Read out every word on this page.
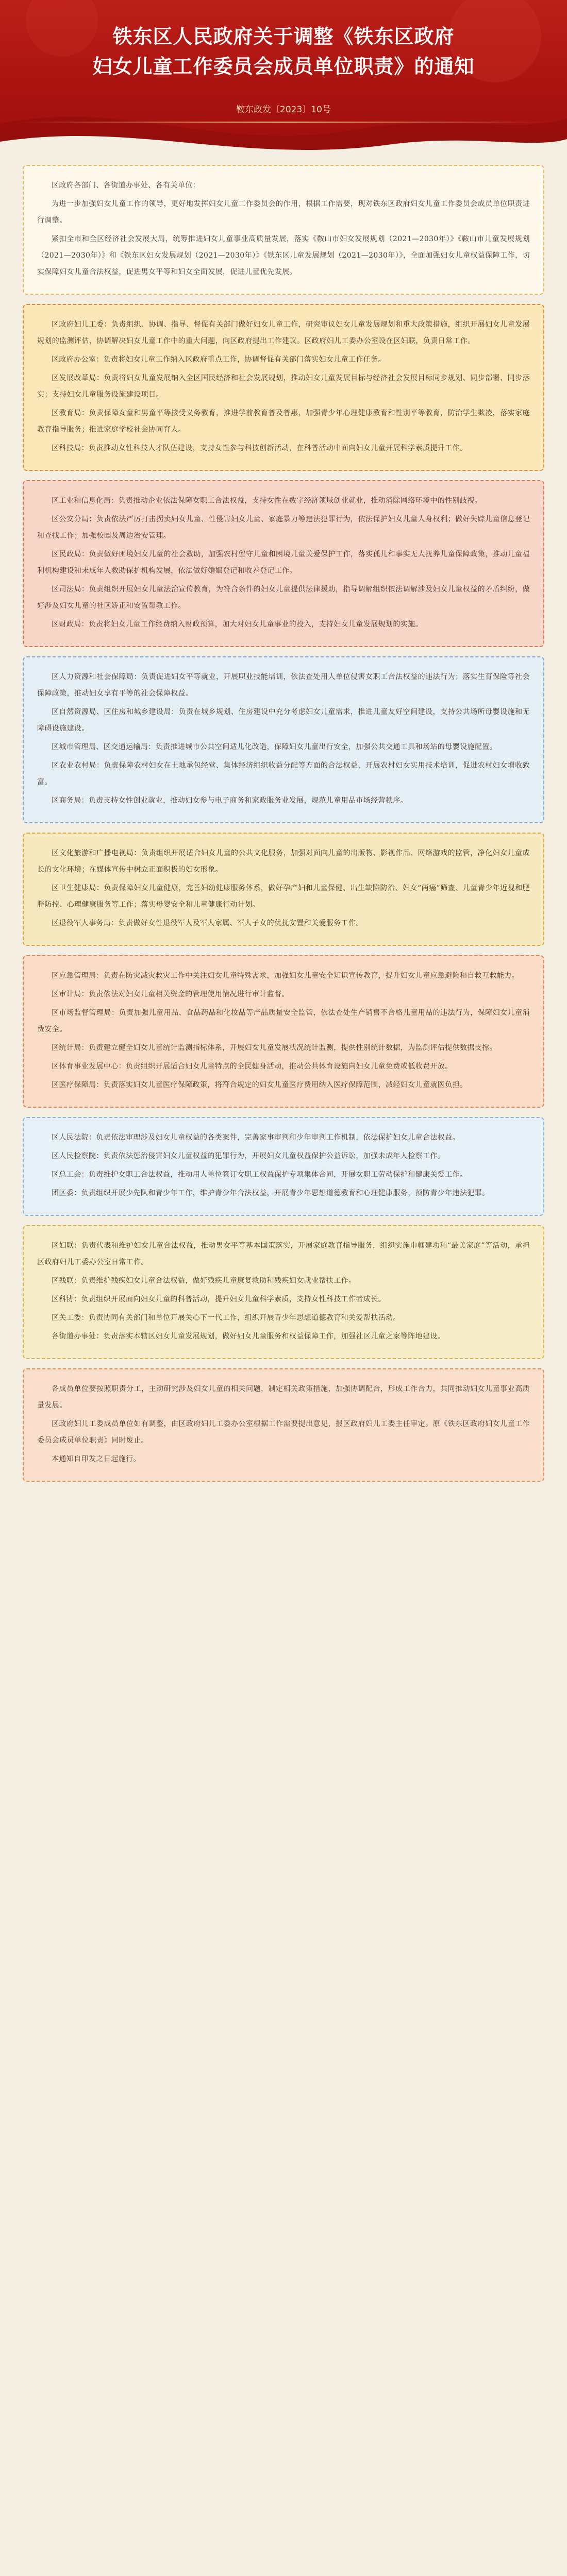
铁东区人民政府关于调整《铁东区政府
妇女儿童工作委员会成员单位职责》的通知
鞍东政发〔2023〕10号

区政府各部门、各街道办事处、各有关单位：

为进一步加强妇女儿童工作的领导，更好地发挥妇女儿童工作委员会的作用，根据工作需要，现对铁东区政府妇女儿童工作委员会成员单位职责进行调整。

紧扣全市和全区经济社会发展大局，统筹推进妇女儿童事业高质量发展，落实《鞍山市妇女发展规划（2021—2030年）》《鞍山市儿童发展规划（2021—2030年）》和《铁东区妇女发展规划（2021—2030年）》《铁东区儿童发展规划（2021—2030年）》，全面加强妇女儿童权益保障工作，切实保障妇女儿童合法权益，促进男女平等和妇女全面发展，促进儿童优先发展。

区政府妇儿工委：负责组织、协调、指导、督促有关部门做好妇女儿童工作，研究审议妇女儿童发展规划和重大政策措施，组织开展妇女儿童发展规划的监测评估，协调解决妇女儿童工作中的重大问题，向区政府提出工作建议。区政府妇儿工委办公室设在区妇联，负责日常工作。

区政府办公室：负责将妇女儿童工作纳入区政府重点工作，协调督促有关部门落实妇女儿童工作任务。

区发展改革局：负责将妇女儿童发展纳入全区国民经济和社会发展规划，推动妇女儿童发展目标与经济社会发展目标同步规划、同步部署、同步落实；支持妇女儿童服务设施建设项目。

区教育局：负责保障女童和男童平等接受义务教育，推进学前教育普及普惠，加强青少年心理健康教育和性别平等教育，防治学生欺凌，落实家庭教育指导服务；推进家庭学校社会协同育人。

区科技局：负责推动女性科技人才队伍建设，支持女性参与科技创新活动，在科普活动中面向妇女儿童开展科学素质提升工作。

区工业和信息化局：负责推动企业依法保障女职工合法权益，支持女性在数字经济领域创业就业，推动消除网络环境中的性别歧视。

区公安分局：负责依法严厉打击拐卖妇女儿童、性侵害妇女儿童、家庭暴力等违法犯罪行为，依法保护妇女儿童人身权利；做好失踪儿童信息登记和查找工作；加强校园及周边治安管理。

区民政局：负责做好困境妇女儿童的社会救助，加强农村留守儿童和困境儿童关爱保护工作，落实孤儿和事实无人抚养儿童保障政策，推动儿童福利机构建设和未成年人救助保护机构发展，依法做好婚姻登记和收养登记工作。

区司法局：负责组织开展妇女儿童法治宣传教育，为符合条件的妇女儿童提供法律援助，指导调解组织依法调解涉及妇女儿童权益的矛盾纠纷，做好涉及妇女儿童的社区矫正和安置帮教工作。

区财政局：负责将妇女儿童工作经费纳入财政预算，加大对妇女儿童事业的投入，支持妇女儿童发展规划的实施。

区人力资源和社会保障局：负责促进妇女平等就业，开展职业技能培训，依法查处用人单位侵害女职工合法权益的违法行为；落实生育保险等社会保障政策，推动妇女享有平等的社会保障权益。

区自然资源局、区住房和城乡建设局：负责在城乡规划、住房建设中充分考虑妇女儿童需求，推进儿童友好空间建设，支持公共场所母婴设施和无障碍设施建设。

区城市管理局、区交通运输局：负责推进城市公共空间适儿化改造，保障妇女儿童出行安全，加强公共交通工具和场站的母婴设施配置。

区农业农村局：负责保障农村妇女在土地承包经营、集体经济组织收益分配等方面的合法权益，开展农村妇女实用技术培训，促进农村妇女增收致富。

区商务局：负责支持女性创业就业，推动妇女参与电子商务和家政服务业发展，规范儿童用品市场经营秩序。

区文化旅游和广播电视局：负责组织开展适合妇女儿童的公共文化服务，加强对面向儿童的出版物、影视作品、网络游戏的监管，净化妇女儿童成长的文化环境；在媒体宣传中树立正面积极的妇女形象。

区卫生健康局：负责保障妇女儿童健康，完善妇幼健康服务体系，做好孕产妇和儿童保健、出生缺陷防治、妇女“两癌”筛查、儿童青少年近视和肥胖防控、心理健康服务等工作；落实母婴安全和儿童健康行动计划。

区退役军人事务局：负责做好女性退役军人及军人家属、军人子女的优抚安置和关爱服务工作。

区应急管理局：负责在防灾减灾救灾工作中关注妇女儿童特殊需求，加强妇女儿童安全知识宣传教育，提升妇女儿童应急避险和自救互救能力。

区审计局：负责依法对妇女儿童相关资金的管理使用情况进行审计监督。

区市场监督管理局：负责加强儿童用品、食品药品和化妆品等产品质量安全监管，依法查处生产销售不合格儿童用品的违法行为，保障妇女儿童消费安全。

区统计局：负责建立健全妇女儿童统计监测指标体系，开展妇女儿童发展状况统计监测，提供性别统计数据，为监测评估提供数据支撑。

区体育事业发展中心：负责组织开展适合妇女儿童特点的全民健身活动，推动公共体育设施向妇女儿童免费或低收费开放。

区医疗保障局：负责落实妇女儿童医疗保障政策，将符合规定的妇女儿童医疗费用纳入医疗保障范围，减轻妇女儿童就医负担。

区人民法院：负责依法审理涉及妇女儿童权益的各类案件，完善家事审判和少年审判工作机制，依法保护妇女儿童合法权益。

区人民检察院：负责依法惩治侵害妇女儿童权益的犯罪行为，开展妇女儿童权益保护公益诉讼，加强未成年人检察工作。

区总工会：负责维护女职工合法权益，推动用人单位签订女职工权益保护专项集体合同，开展女职工劳动保护和健康关爱工作。

团区委：负责组织开展少先队和青少年工作，维护青少年合法权益，开展青少年思想道德教育和心理健康服务，预防青少年违法犯罪。

区妇联：负责代表和维护妇女儿童合法权益，推动男女平等基本国策落实，开展家庭教育指导服务，组织实施巾帼建功和“最美家庭”等活动，承担区政府妇儿工委办公室日常工作。

区残联：负责维护残疾妇女儿童合法权益，做好残疾儿童康复救助和残疾妇女就业帮扶工作。

区科协：负责组织开展面向妇女儿童的科普活动，提升妇女儿童科学素质，支持女性科技工作者成长。

区关工委：负责协同有关部门和单位开展关心下一代工作，组织开展青少年思想道德教育和关爱帮扶活动。

各街道办事处：负责落实本辖区妇女儿童发展规划，做好妇女儿童服务和权益保障工作，加强社区儿童之家等阵地建设。

各成员单位要按照职责分工，主动研究涉及妇女儿童的相关问题，制定相关政策措施，加强协调配合，形成工作合力，共同推动妇女儿童事业高质量发展。

区政府妇儿工委成员单位如有调整，由区政府妇儿工委办公室根据工作需要提出意见，报区政府妇儿工委主任审定。原《铁东区政府妇女儿童工作委员会成员单位职责》同时废止。

本通知自印发之日起施行。
